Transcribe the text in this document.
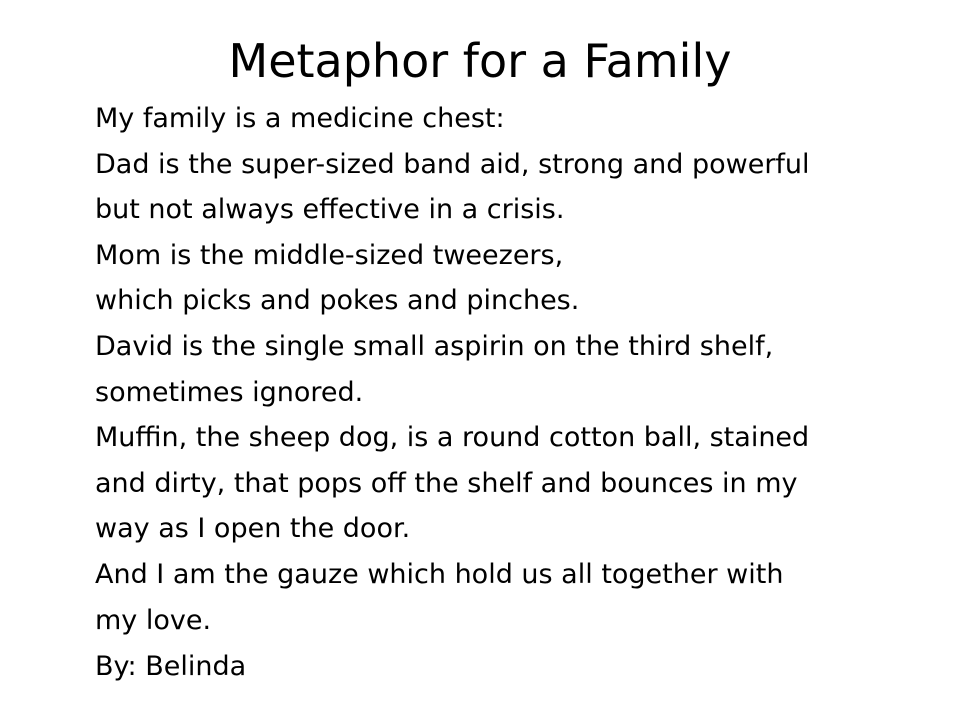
Metaphor for a Family
My family is a medicine chest:
Dad is the super-sized band aid, strong and powerful
but not always effective in a crisis.
Mom is the middle-sized tweezers,
which picks and pokes and pinches.
David is the single small aspirin on the third shelf,
sometimes ignored.
Muffin, the sheep dog, is a round cotton ball, stained
and dirty, that pops off the shelf and bounces in my
way as I open the door.
And I am the gauze which hold us all together with
my love.
By: Belinda
